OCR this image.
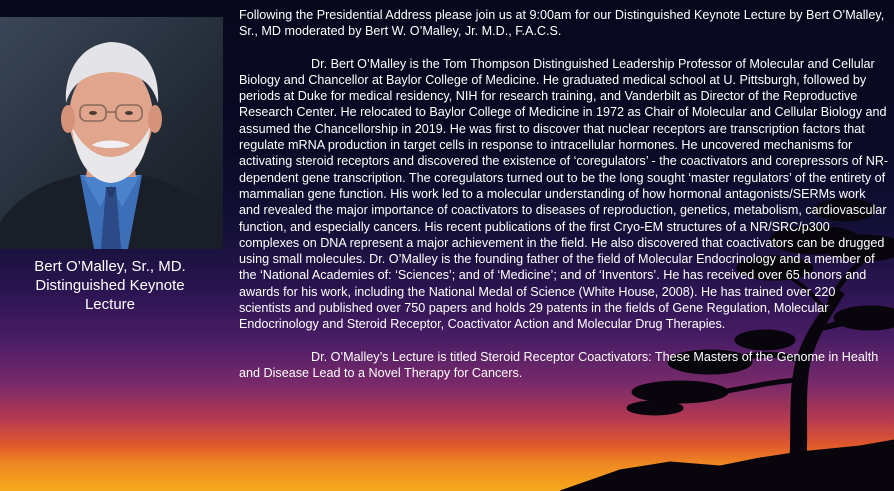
Bert O’Malley, Sr., MD.
Distinguished Keynote
Lecture

Following the Presidential Address please join us at 9:00am for our Distinguished Keynote Lecture by Bert O’Malley, Sr., MD moderated by Bert W. O’Malley, Jr. M.D., F.A.C.S.

Dr. Bert O’Malley is the Tom Thompson Distinguished Leadership Professor of Molecular and Cellular Biology and Chancellor at Baylor College of Medicine. He graduated medical school at U. Pittsburgh, followed by periods at Duke for medical residency, NIH for research training, and Vanderbilt as Director of the Reproductive Research Center. He relocated to Baylor College of Medicine in 1972 as Chair of Molecular and Cellular Biology and assumed the Chancellorship in 2019. He was first to discover that nuclear receptors are transcription factors that regulate mRNA production in target cells in response to intracellular hormones. He uncovered mechanisms for activating steroid receptors and discovered the existence of ‘coregulators’ - the coactivators and corepressors of NR-dependent gene transcription. The coregulators turned out to be the long sought ‘master regulators’ of the entirety of mammalian gene function. His work led to a molecular understanding of how hormonal antagonists/SERMs work and revealed the major importance of coactivators to diseases of reproduction, genetics, metabolism, cardiovascular function, and especially cancers. His recent publications of the first Cryo-EM structures of a NR/SRC/p300 complexes on DNA represent a major achievement in the field. He also discovered that coactivators can be drugged using small molecules. Dr. O’Malley is the founding father of the field of Molecular Endocrinology and a member of the ‘National Academies of: ‘Sciences’; and of ‘Medicine’; and of ‘Inventors’. He has received over 65 honors and awards for his work, including the National Medal of Science (White House, 2008). He has trained over 220 scientists and published over 750 papers and holds 29 patents in the fields of Gene Regulation, Molecular Endocrinology and Steroid Receptor, Coactivator Action and Molecular Drug Therapies.

Dr. O’Malley’s Lecture is titled Steroid Receptor Coactivators: These Masters of the Genome in Health and Disease Lead to a Novel Therapy for Cancers.
